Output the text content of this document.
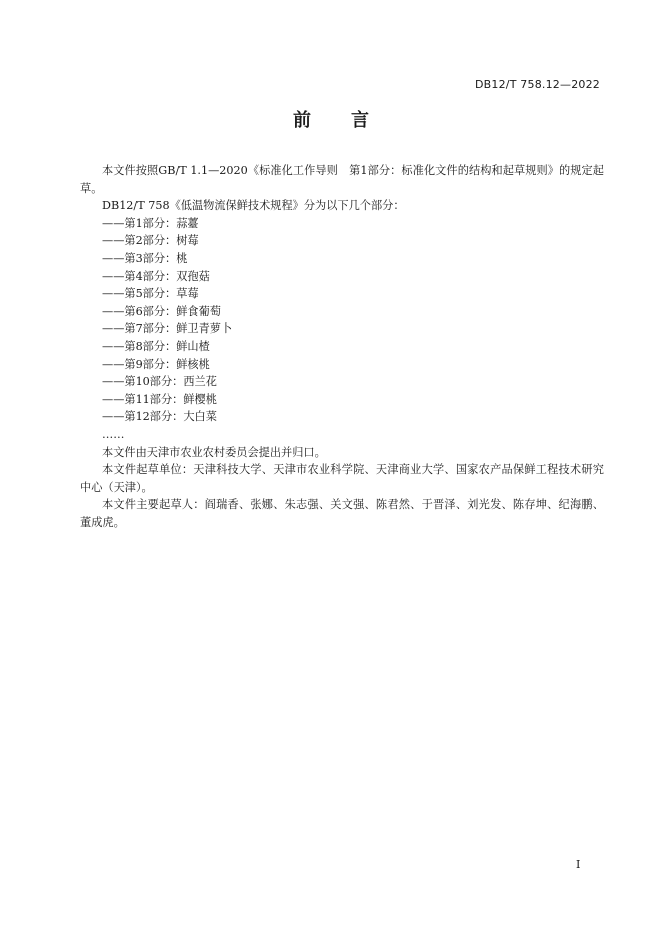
DB12/T 758.12—2022
前 言

本文件按照GB/T 1.1—2020《标准化工作导则　第1部分：标准化文件的结构和起草规则》的规定起草。

DB12/T 758《低温物流保鲜技术规程》分为以下几个部分：

——第1部分：蒜薹
——第2部分：树莓
——第3部分：桃
——第4部分：双孢菇
——第5部分：草莓
——第6部分：鲜食葡萄
——第7部分：鲜卫青萝卜
——第8部分：鲜山楂
——第9部分：鲜核桃
——第10部分：西兰花
——第11部分：鲜樱桃
——第12部分：大白菜
……

本文件由天津市农业农村委员会提出并归口。

本文件起草单位：天津科技大学、天津市农业科学院、天津商业大学、国家农产品保鲜工程技术研究中心（天津）。

本文件主要起草人：阎瑞香、张娜、朱志强、关文强、陈君然、于晋泽、刘光发、陈存坤、纪海鹏、董成虎。

I
